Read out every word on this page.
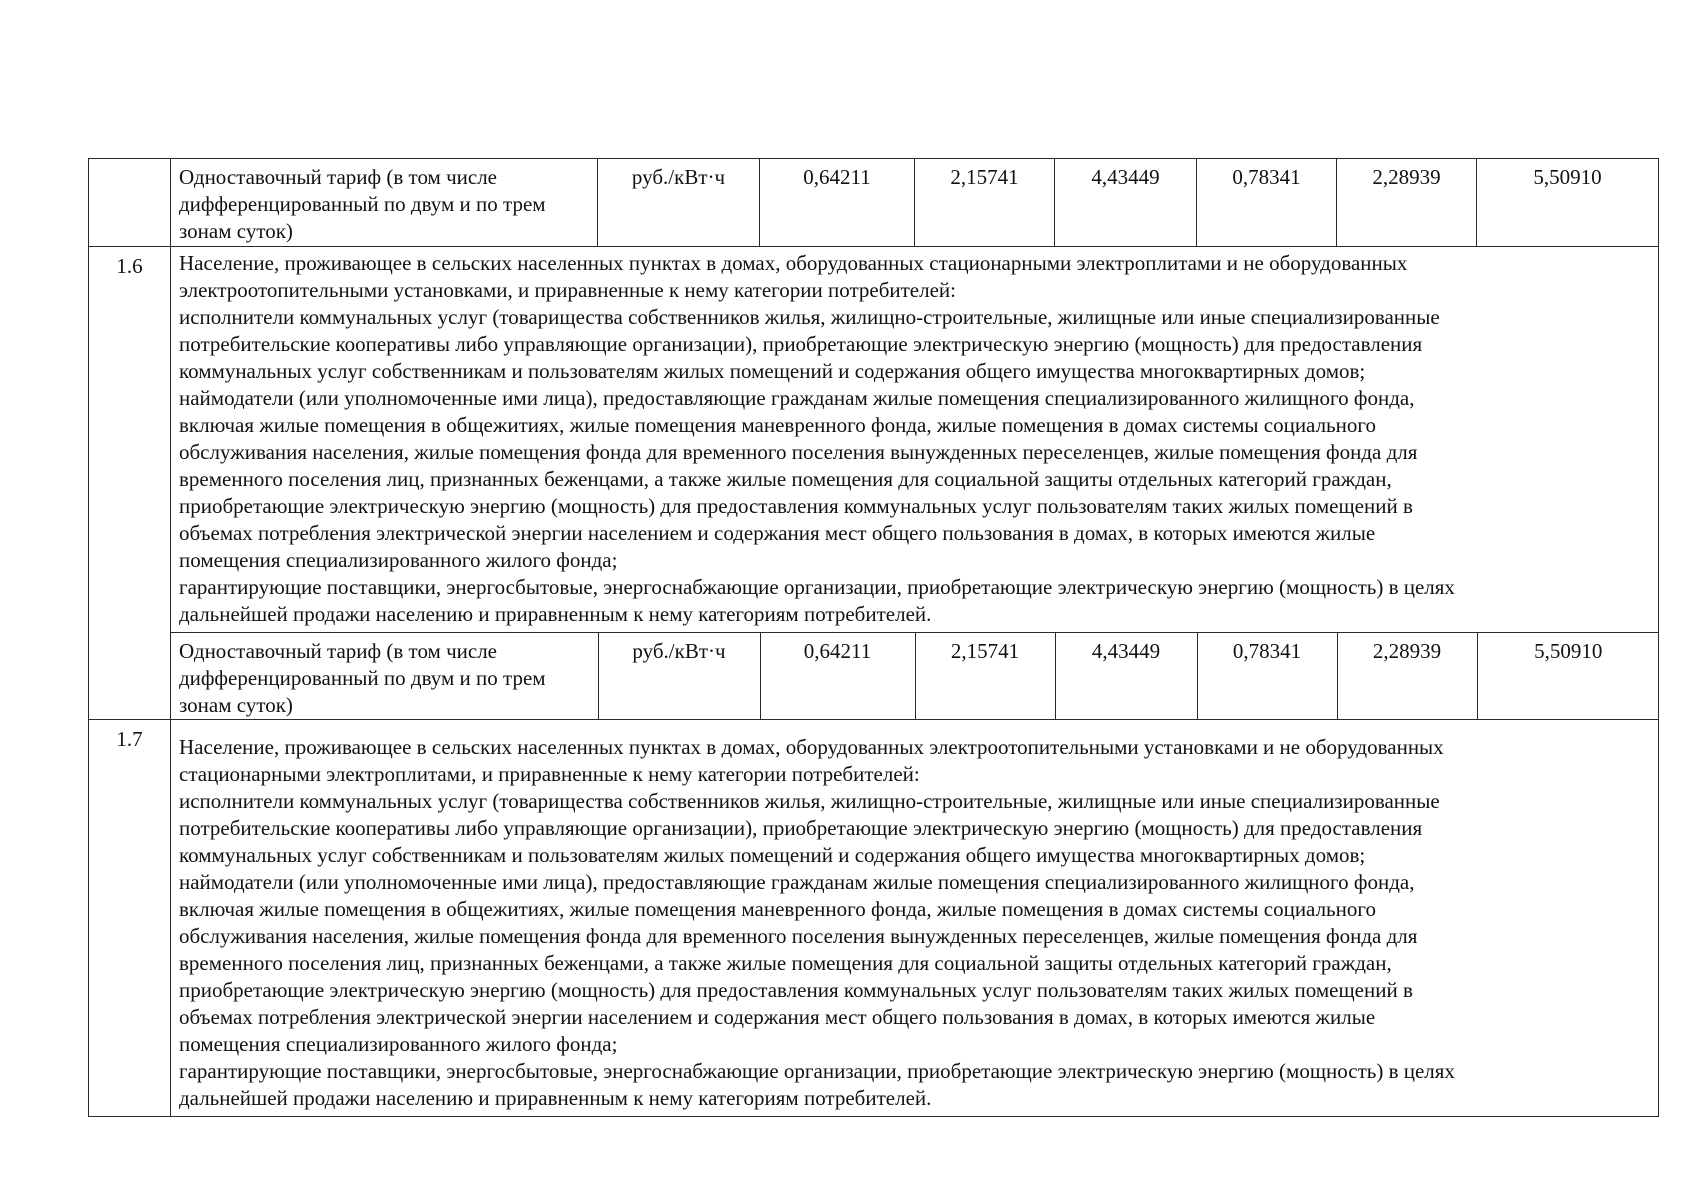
	Одноставочный тариф (в том числе дифференцированный по двум и по трем зонам суток)	руб./кВт·ч	0,64211	2,15741	4,43449	0,78341	2,28939	5,50910
1.6	Население, проживающее в сельских населенных пунктах в домах, оборудованных стационарными электроплитами и не оборудованных
электроотопительными установками, и приравненные к нему категории потребителей:
исполнители коммунальных услуг (товарищества собственников жилья, жилищно-строительные, жилищные или иные специализированные
потребительские кооперативы либо управляющие организации), приобретающие электрическую энергию (мощность) для предоставления
коммунальных услуг собственникам и пользователям жилых помещений и содержания общего имущества многоквартирных домов;
наймодатели (или уполномоченные ими лица), предоставляющие гражданам жилые помещения специализированного жилищного фонда,
включая жилые помещения в общежитиях, жилые помещения маневренного фонда, жилые помещения в домах системы социального
обслуживания населения, жилые помещения фонда для временного поселения вынужденных переселенцев, жилые помещения фонда для
временного поселения лиц, признанных беженцами, а также жилые помещения для социальной защиты отдельных категорий граждан,
приобретающие электрическую энергию (мощность) для предоставления коммунальных услуг пользователям таких жилых помещений в
объемах потребления электрической энергии населением и содержания мест общего пользования в домах, в которых имеются жилые
помещения специализированного жилого фонда;
гарантирующие поставщики, энергосбытовые, энергоснабжающие организации, приобретающие электрическую энергию (мощность) в целях
дальнейшей продажи населению и приравненным к нему категориям потребителей.
Одноставочный тариф (в том числе дифференцированный по двум и по трем зонам суток)	руб./кВт·ч	0,64211	2,15741	4,43449	0,78341	2,28939	5,50910

1.7	Население, проживающее в сельских населенных пунктах в домах, оборудованных электроотопительными установками и не оборудованных
стационарными электроплитами, и приравненные к нему категории потребителей:
исполнители коммунальных услуг (товарищества собственников жилья, жилищно-строительные, жилищные или иные специализированные
потребительские кооперативы либо управляющие организации), приобретающие электрическую энергию (мощность) для предоставления
коммунальных услуг собственникам и пользователям жилых помещений и содержания общего имущества многоквартирных домов;
наймодатели (или уполномоченные ими лица), предоставляющие гражданам жилые помещения специализированного жилищного фонда,
включая жилые помещения в общежитиях, жилые помещения маневренного фонда, жилые помещения в домах системы социального
обслуживания населения, жилые помещения фонда для временного поселения вынужденных переселенцев, жилые помещения фонда для
временного поселения лиц, признанных беженцами, а также жилые помещения для социальной защиты отдельных категорий граждан,
приобретающие электрическую энергию (мощность) для предоставления коммунальных услуг пользователям таких жилых помещений в
объемах потребления электрической энергии населением и содержания мест общего пользования в домах, в которых имеются жилые
помещения специализированного жилого фонда;
гарантирующие поставщики, энергосбытовые, энергоснабжающие организации, приобретающие электрическую энергию (мощность) в целях
дальнейшей продажи населению и приравненным к нему категориям потребителей.
